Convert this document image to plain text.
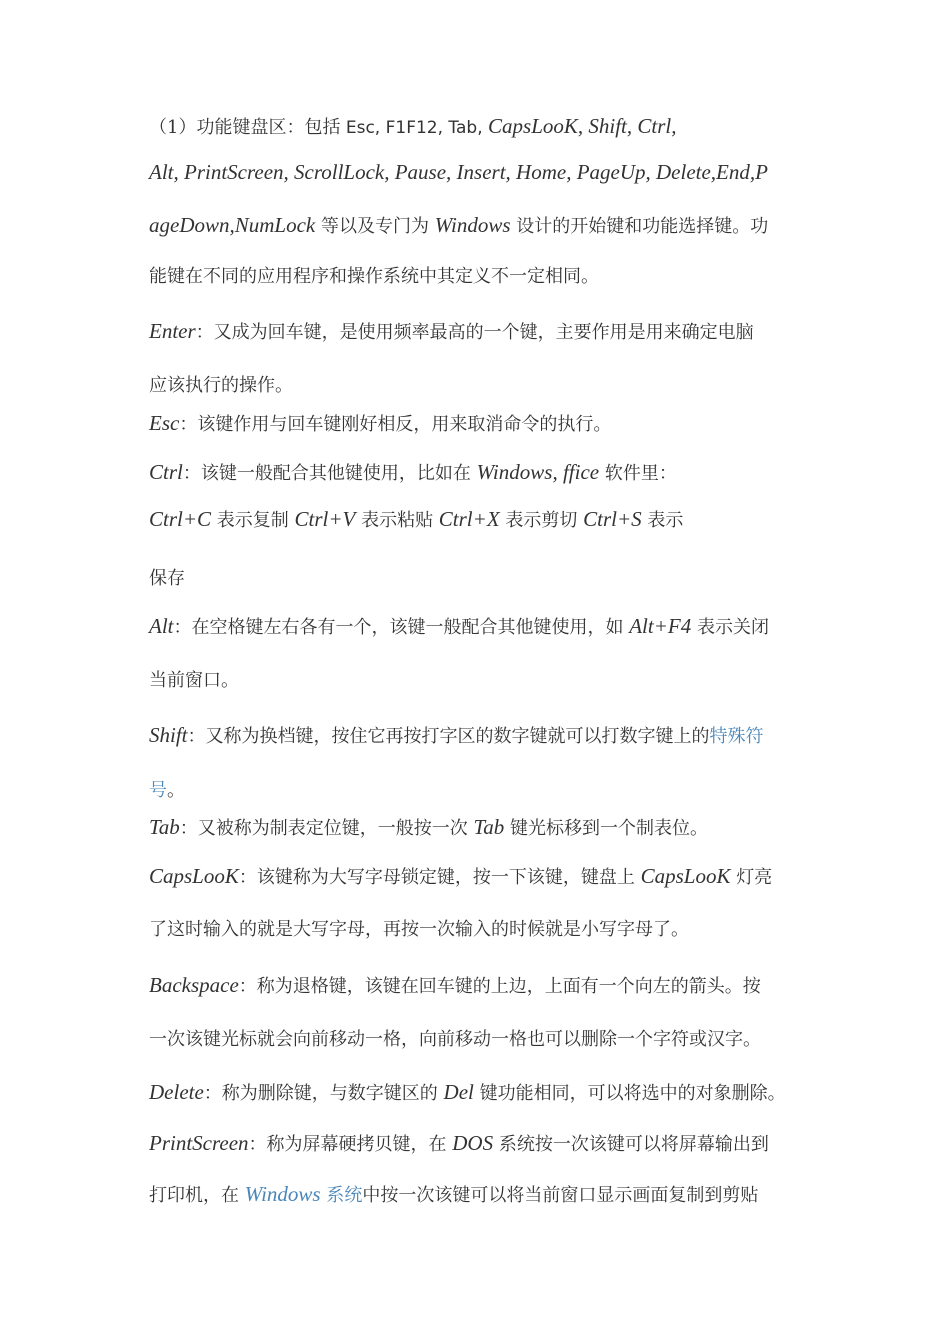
（1）功能键盘区：包括 Esc, F1F12, Tab, CapsLooK, Shift, Ctrl,
Alt, PrintScreen, ScrollLock, Pause, Insert, Home, PageUp, Delete,End,P
ageDown,NumLock 等以及专门为 Windows 设计的开始键和功能选择键。功
能键在不同的应用程序和操作系统中其定义不一定相同。
Enter：又成为回车键，是使用频率最高的一个键，主要作用是用来确定电脑
应该执行的操作。
Esc：该键作用与回车键刚好相反，用来取消命令的执行。
Ctrl：该键一般配合其他键使用，比如在 Windows, ffice 软件里：
Ctrl+C 表示复制 Ctrl+V 表示粘贴 Ctrl+X 表示剪切 Ctrl+S 表示
保存
Alt：在空格键左右各有一个，该键一般配合其他键使用，如 Alt+F4 表示关闭
当前窗口。
Shift：又称为换档键，按住它再按打字区的数字键就可以打数字键上的特殊符
号。
Tab：又被称为制表定位键，一般按一次 Tab 键光标移到一个制表位。
CapsLooK：该键称为大写字母锁定键，按一下该键，键盘上 CapsLooK 灯亮
了这时输入的就是大写字母，再按一次输入的时候就是小写字母了。
Backspace：称为退格键，该键在回车键的上边，上面有一个向左的箭头。按
一次该键光标就会向前移动一格，向前移动一格也可以删除一个字符或汉字。
Delete：称为删除键，与数字键区的 Del 键功能相同，可以将选中的对象删除。
PrintScreen：称为屏幕硬拷贝键，在 DOS 系统按一次该键可以将屏幕输出到
打印机，在 Windows 系统中按一次该键可以将当前窗口显示画面复制到剪贴
